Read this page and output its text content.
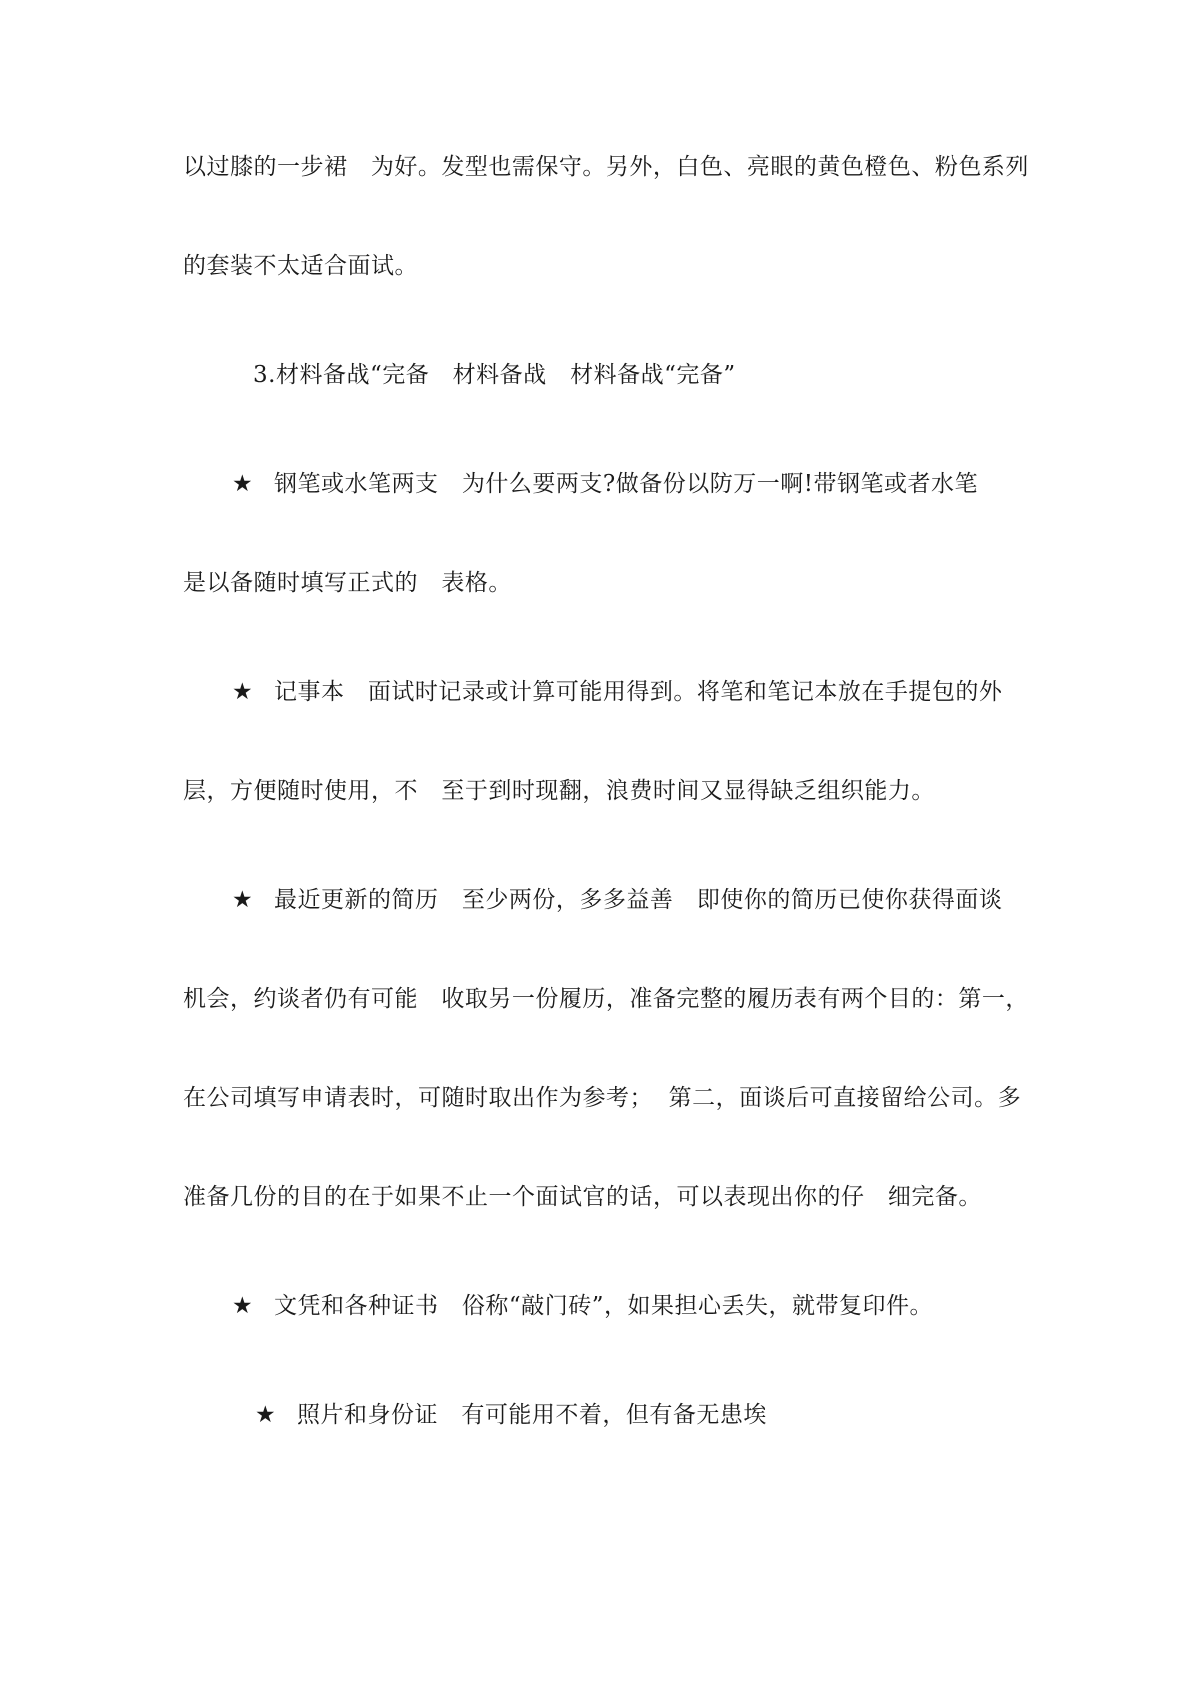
以过膝的一步裙   为好。发型也需保守。另外，白色、亮眼的黄色橙色、粉色系列

的套装不太适合面试。

3.材料备战“完备   材料备战   材料备战“完备”

★ 钢笔或水笔两支   为什么要两支?做备份以防万一啊!带钢笔或者水笔

是以备随时填写正式的   表格。

★ 记事本   面试时记录或计算可能用得到。将笔和笔记本放在手提包的外

层，方便随时使用，不   至于到时现翻，浪费时间又显得缺乏组织能力。

★ 最近更新的简历   至少两份，多多益善   即使你的简历已使你获得面谈

机会，约谈者仍有可能   收取另一份履历，准备完整的履历表有两个目的：第一，

在公司填写申请表时，可随时取出作为参考；  第二，面谈后可直接留给公司。多

准备几份的目的在于如果不止一个面试官的话，可以表现出你的仔   细完备。

★ 文凭和各种证书   俗称“敲门砖”，如果担心丢失，就带复印件。

★ 照片和身份证   有可能用不着，但有备无患埃
